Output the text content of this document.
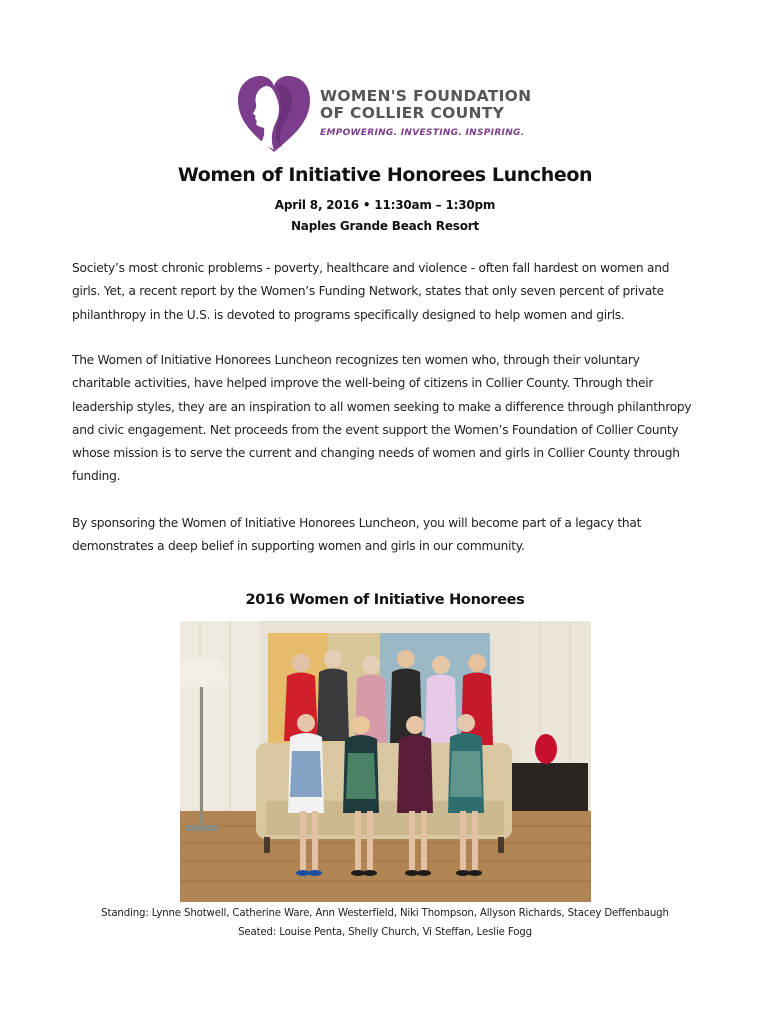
WOMEN'S FOUNDATION
OF COLLIER COUNTY
EMPOWERING. INVESTING. INSPIRING.
Women of Initiative Honorees Luncheon
April 8, 2016 • 11:30am – 1:30pm
Naples Grande Beach Resort

Society’s most chronic problems - poverty, healthcare and violence - often fall hardest on women and girls. Yet, a recent report by the Women’s Funding Network, states that only seven percent of private philanthropy in the U.S. is devoted to programs specifically designed to help women and girls.

The Women of Initiative Honorees Luncheon recognizes ten women who, through their voluntary charitable activities, have helped improve the well-being of citizens in Collier County. Through their leadership styles, they are an inspiration to all women seeking to make a difference through philanthropy and civic engagement. Net proceeds from the event support the Women’s Foundation of Collier County whose mission is to serve the current and changing needs of women and girls in Collier County through funding.

By sponsoring the Women of Initiative Honorees Luncheon, you will become part of a legacy that demonstrates a deep belief in supporting women and girls in our community.

2016 Women of Initiative Honorees
Standing: Lynne Shotwell, Catherine Ware, Ann Westerfield, Niki Thompson, Allyson Richards, Stacey Deffenbaugh
Seated: Louise Penta, Shelly Church, Vi Steffan, Leslie Fogg
